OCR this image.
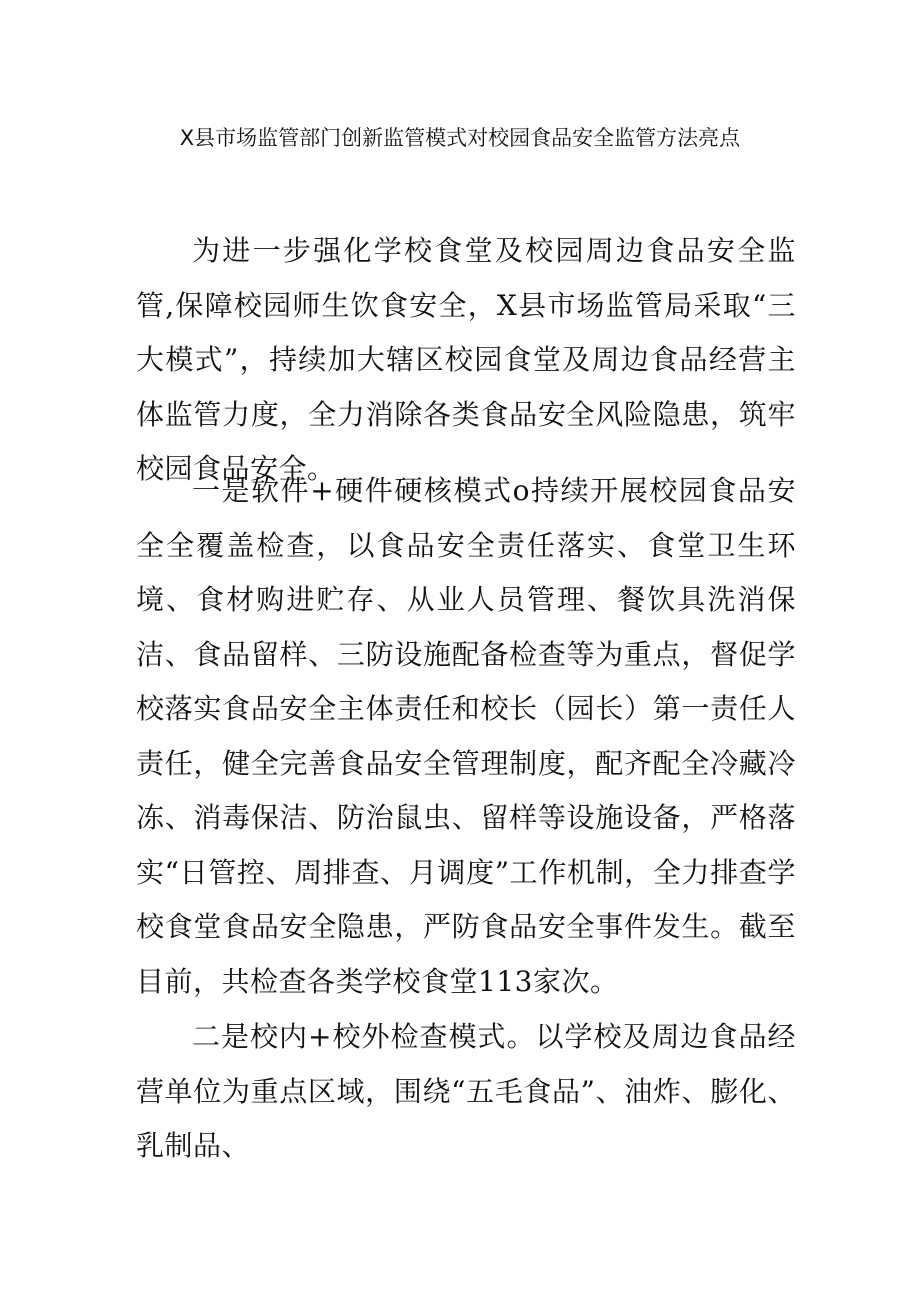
X县市场监管部门创新监管模式对校园食品安全监管方法亮点

为进一步强化学校食堂及校园周边食品安全监管,保障校园师生饮食安全，X县市场监管局采取“三大模式”，持续加大辖区校园食堂及周边食品经营主体监管力度，全力消除各类食品安全风险隐患，筑牢校园食品安全。

一是软件+硬件硬核模式o持续开展校园食品安全全覆盖检查，以食品安全责任落实、食堂卫生环境、食材购进贮存、从业人员管理、餐饮具洗消保洁、食品留样、三防设施配备检查等为重点，督促学校落实食品安全主体责任和校长（园长）第一责任人责任，健全完善食品安全管理制度，配齐配全冷藏冷冻、消毒保洁、防治鼠虫、留样等设施设备，严格落实“日管控、周排查、月调度”工作机制，全力排查学校食堂食品安全隐患，严防食品安全事件发生。截至目前，共检查各类学校食堂113家次。

二是校内+校外检查模式。以学校及周边食品经营单位为重点区域，围绕“五毛食品”、油炸、膨化、乳制品、
